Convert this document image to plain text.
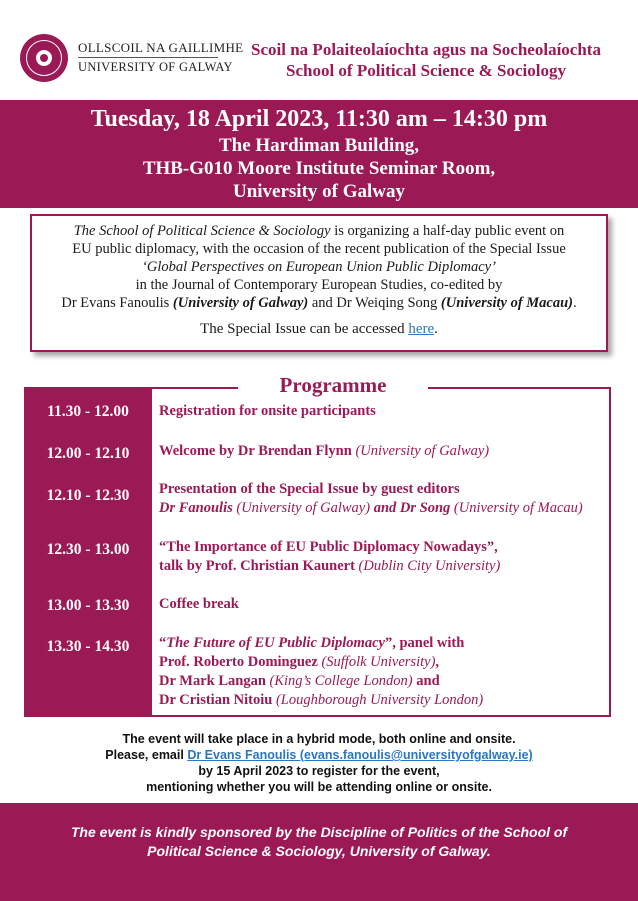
OLLSCOIL NA GAILLIMHE
UNIVERSITY OF GALWAY
Scoil na Polaiteolaíochta agus na Socheolaíochta
School of Political Science & Sociology
Tuesday, 18 April 2023, 11:30 am – 14:30 pm
The Hardiman Building,
THB-G010 Moore Institute Seminar Room,
University of Galway

The School of Political Science & Sociology is organizing a half-day public event on

EU public diplomacy, with the occasion of the recent publication of the Special Issue

‘Global Perspectives on European Union Public Diplomacy’

in the Journal of Contemporary European Studies, co-edited by

Dr Evans Fanoulis (University of Galway) and Dr Weiqing Song (University of Macau).

The Special Issue can be accessed here.

Programme
11.30 - 12.00	Registration for onsite participants
12.00 - 12.10	Welcome by Dr Brendan Flynn (University of Galway)
12.10 - 12.30	Presentation of the Special Issue by guest editors
Dr Fanoulis (University of Galway) and Dr Song (University of Macau)
12.30 - 13.00	“The Importance of EU Public Diplomacy Nowadays”,
talk by Prof. Christian Kaunert (Dublin City University)
13.00 - 13.30	Coffee break
13.30 - 14.30	“The Future of EU Public Diplomacy”, panel with
Prof. Roberto Dominguez (Suffolk University),
Dr Mark Langan (King’s College London) and
Dr Cristian Nitoiu (Loughborough University London)
The event will take place in a hybrid mode, both online and onsite.
Please, email Dr Evans Fanoulis (evans.fanoulis@universityofgalway.ie)
by 15 April 2023 to register for the event,
mentioning whether you will be attending online or onsite.
The event is kindly sponsored by the Discipline of Politics of the School of
Political Science & Sociology, University of Galway.
